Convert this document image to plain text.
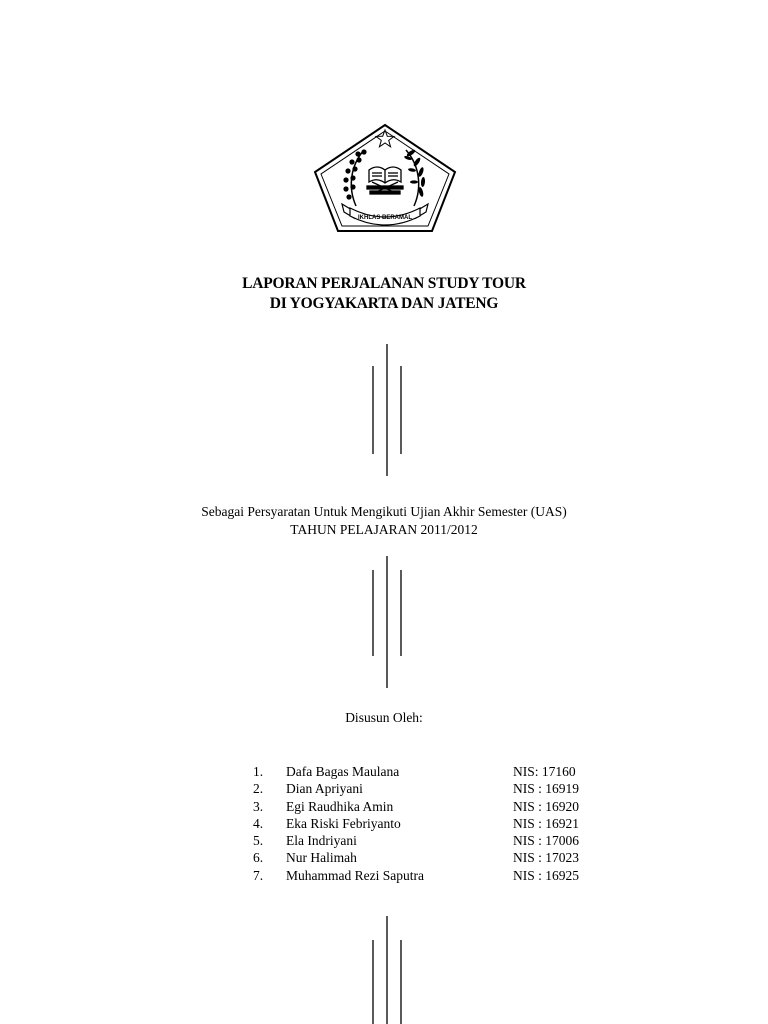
IKHLAS BERAMAL
LAPORAN PERJALANAN STUDY TOUR
DI YOGYAKARTA DAN JATENG
Sebagai Persyaratan Untuk Mengikuti Ujian Akhir Semester (UAS)
TAHUN PELAJARAN 2011/2012
Disusun Oleh:
1. Dafa Bagas Maulana	NIS: 17160
2. Dian Apriyani	NIS : 16919
3. Egi Raudhika Amin	NIS : 16920
4. Eka Riski Febriyanto	NIS : 16921
5. Ela Indriyani	NIS : 17006
6. Nur Halimah	NIS : 17023
7. Muhammad Rezi Saputra	NIS : 16925
